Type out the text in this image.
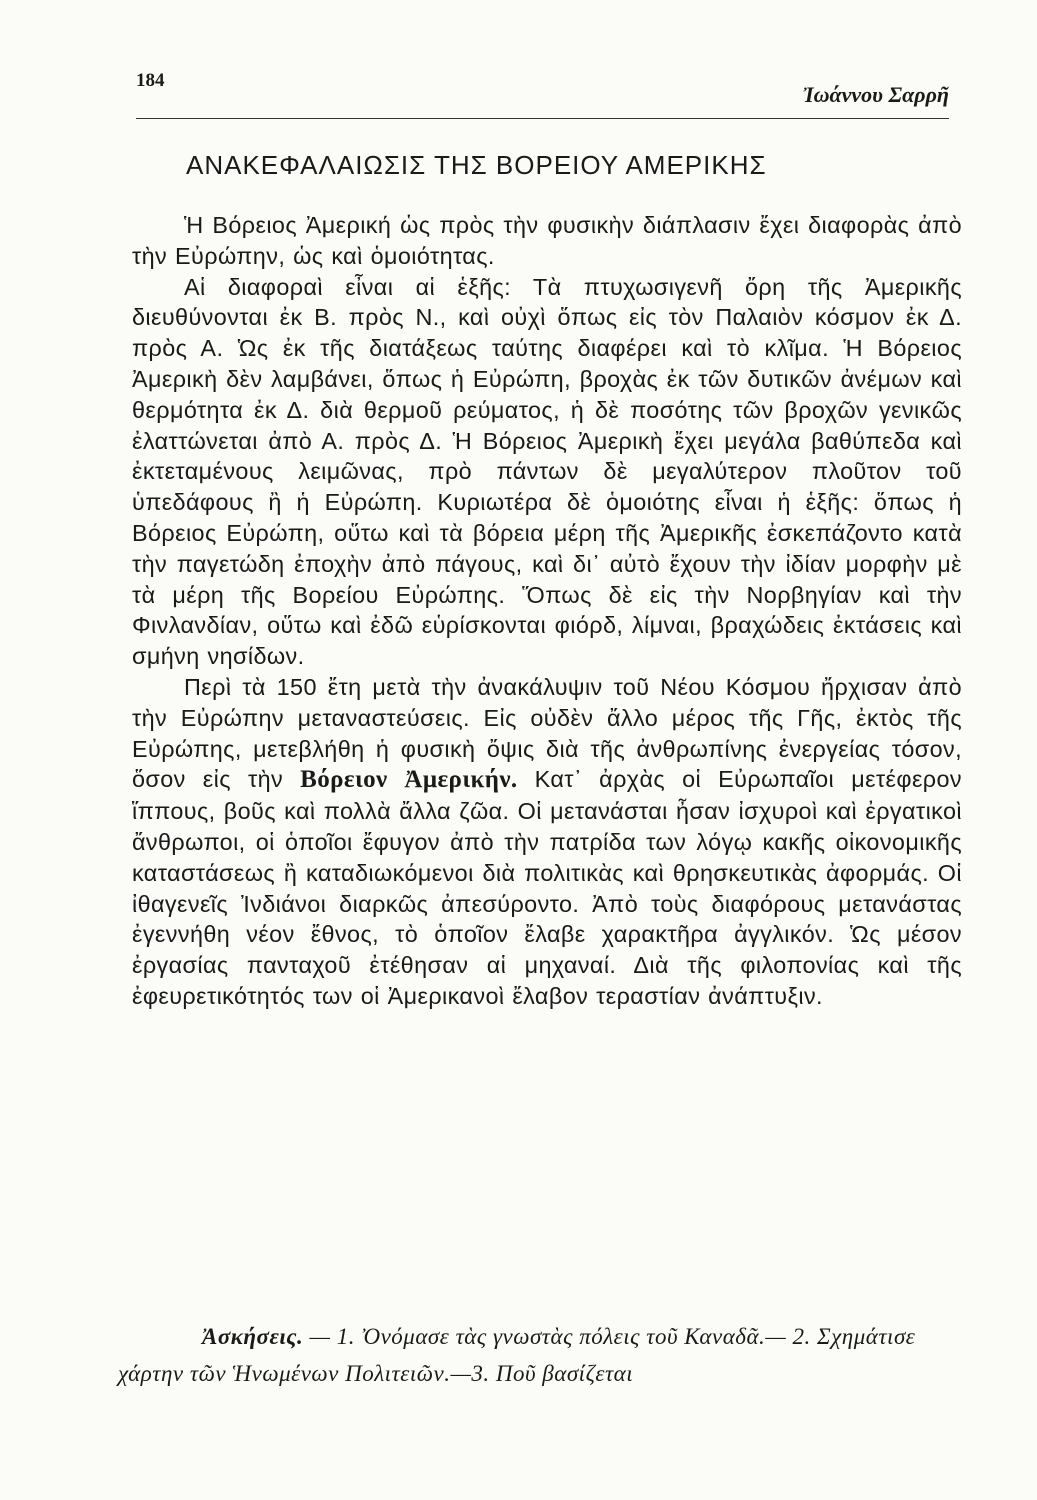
184
Ἰωάννου Σαρρῆ
ΑΝΑΚΕΦΑΛΑΙΩΣΙΣ ΤΗΣ ΒΟΡΕΙΟΥ ΑΜΕΡΙΚΗΣ

Ἡ Βόρειος Ἀμερική ὡς πρὸς τὴν φυσικὴν διάπλασιν ἔχει διαφορὰς ἀπὸ τὴν Εὐρώπην, ὡς καὶ ὁμοιότητας.

Αἱ διαφοραὶ εἶναι αἱ ἑξῆς: Τὰ πτυχωσιγενῆ ὄρη τῆς Ἀμερικῆς διευθύνονται ἐκ Β. πρὸς Ν., καὶ οὐχὶ ὅπως εἰς τὸν Παλαιὸν κόσμον ἐκ Δ. πρὸς Α. Ὡς ἐκ τῆς διατάξεως ταύτης διαφέρει καὶ τὸ κλῖμα. Ἡ Βόρειος Ἀμερικὴ δὲν λαμβάνει, ὅπως ἡ Εὐρώπη, βροχὰς ἐκ τῶν δυτικῶν ἀνέμων καὶ θερμότητα ἐκ Δ. διὰ θερμοῦ ρεύματος, ἡ δὲ ποσότης τῶν βροχῶν γενικῶς ἐλαττώνεται ἀπὸ Α. πρὸς Δ. Ἡ Βόρειος Ἀμερικὴ ἔχει μεγάλα βαθύπεδα καὶ ἐκτεταμένους λειμῶνας, πρὸ πάντων δὲ μεγαλύτερον πλοῦτον τοῦ ὑπεδάφους ἢ ἡ Εὐρώπη. Κυριωτέρα δὲ ὁμοιότης εἶναι ἡ ἑξῆς: ὅπως ἡ Βόρειος Εὐρώπη, οὕτω καὶ τὰ βόρεια μέρη τῆς Ἀμερικῆς ἐσκεπάζοντο κατὰ τὴν παγετώδη ἐποχὴν ἀπὸ πάγους, καὶ δι᾿ αὐτὸ ἔχουν τὴν ἰδίαν μορφὴν μὲ τὰ μέρη τῆς Βορείου Εὐρώπης. Ὅπως δὲ εἰς τὴν Νορβηγίαν καὶ τὴν Φινλανδίαν, οὕτω καὶ ἐδῶ εὑρίσκονται φιόρδ, λίμναι, βραχώδεις ἐκτάσεις καὶ σμήνη νησίδων.

Περὶ τὰ 150 ἔτη μετὰ τὴν ἀνακάλυψιν τοῦ Νέου Κόσμου ἤρχισαν ἀπὸ τὴν Εὐρώπην μεταναστεύσεις. Εἰς οὐδὲν ἄλλο μέρος τῆς Γῆς, ἐκτὸς τῆς Εὐρώπης, μετεβλήθη ἡ φυσικὴ ὄψις διὰ τῆς ἀνθρωπίνης ἐνεργείας τόσον, ὅσον εἰς τὴν Βόρειον Ἀμερικήν. Κατ᾿ ἀρχὰς οἱ Εὐρωπαῖοι μετέφερον ἵππους, βοῦς καὶ πολλὰ ἄλλα ζῶα. Οἱ μετανάσται ἦσαν ἰσχυροὶ καὶ ἐργατικοὶ ἄνθρωποι, οἱ ὁποῖοι ἔφυγον ἀπὸ τὴν πατρίδα των λόγῳ κακῆς οἰκονομικῆς καταστάσεως ἢ καταδιωκόμενοι διὰ πολιτικὰς καὶ θρησκευτικὰς ἀφορμάς. Οἱ ἰθαγενεῖς Ἰνδιάνοι διαρκῶς ἀπεσύροντο. Ἀπὸ τοὺς διαφόρους μετανάστας ἐγεννήθη νέον ἔθνος, τὸ ὁποῖον ἔλαβε χαρακτῆρα ἀγγλικόν. Ὡς μέσον ἐργασίας πανταχοῦ ἐτέθησαν αἱ μηχαναί. Διὰ τῆς φιλοπονίας καὶ τῆς ἐφευρετικότητός των οἱ Ἀμερικανοὶ ἔλαβον τεραστίαν ἀνάπτυξιν.

Ἀσκήσεις. — 1. Ὀνόμασε τὰς γνωστὰς πόλεις τοῦ Καναδᾶ.— 2. Σχημάτισε χάρτην τῶν Ἡνωμένων Πολιτειῶν.—3. Ποῦ βασίζεται
